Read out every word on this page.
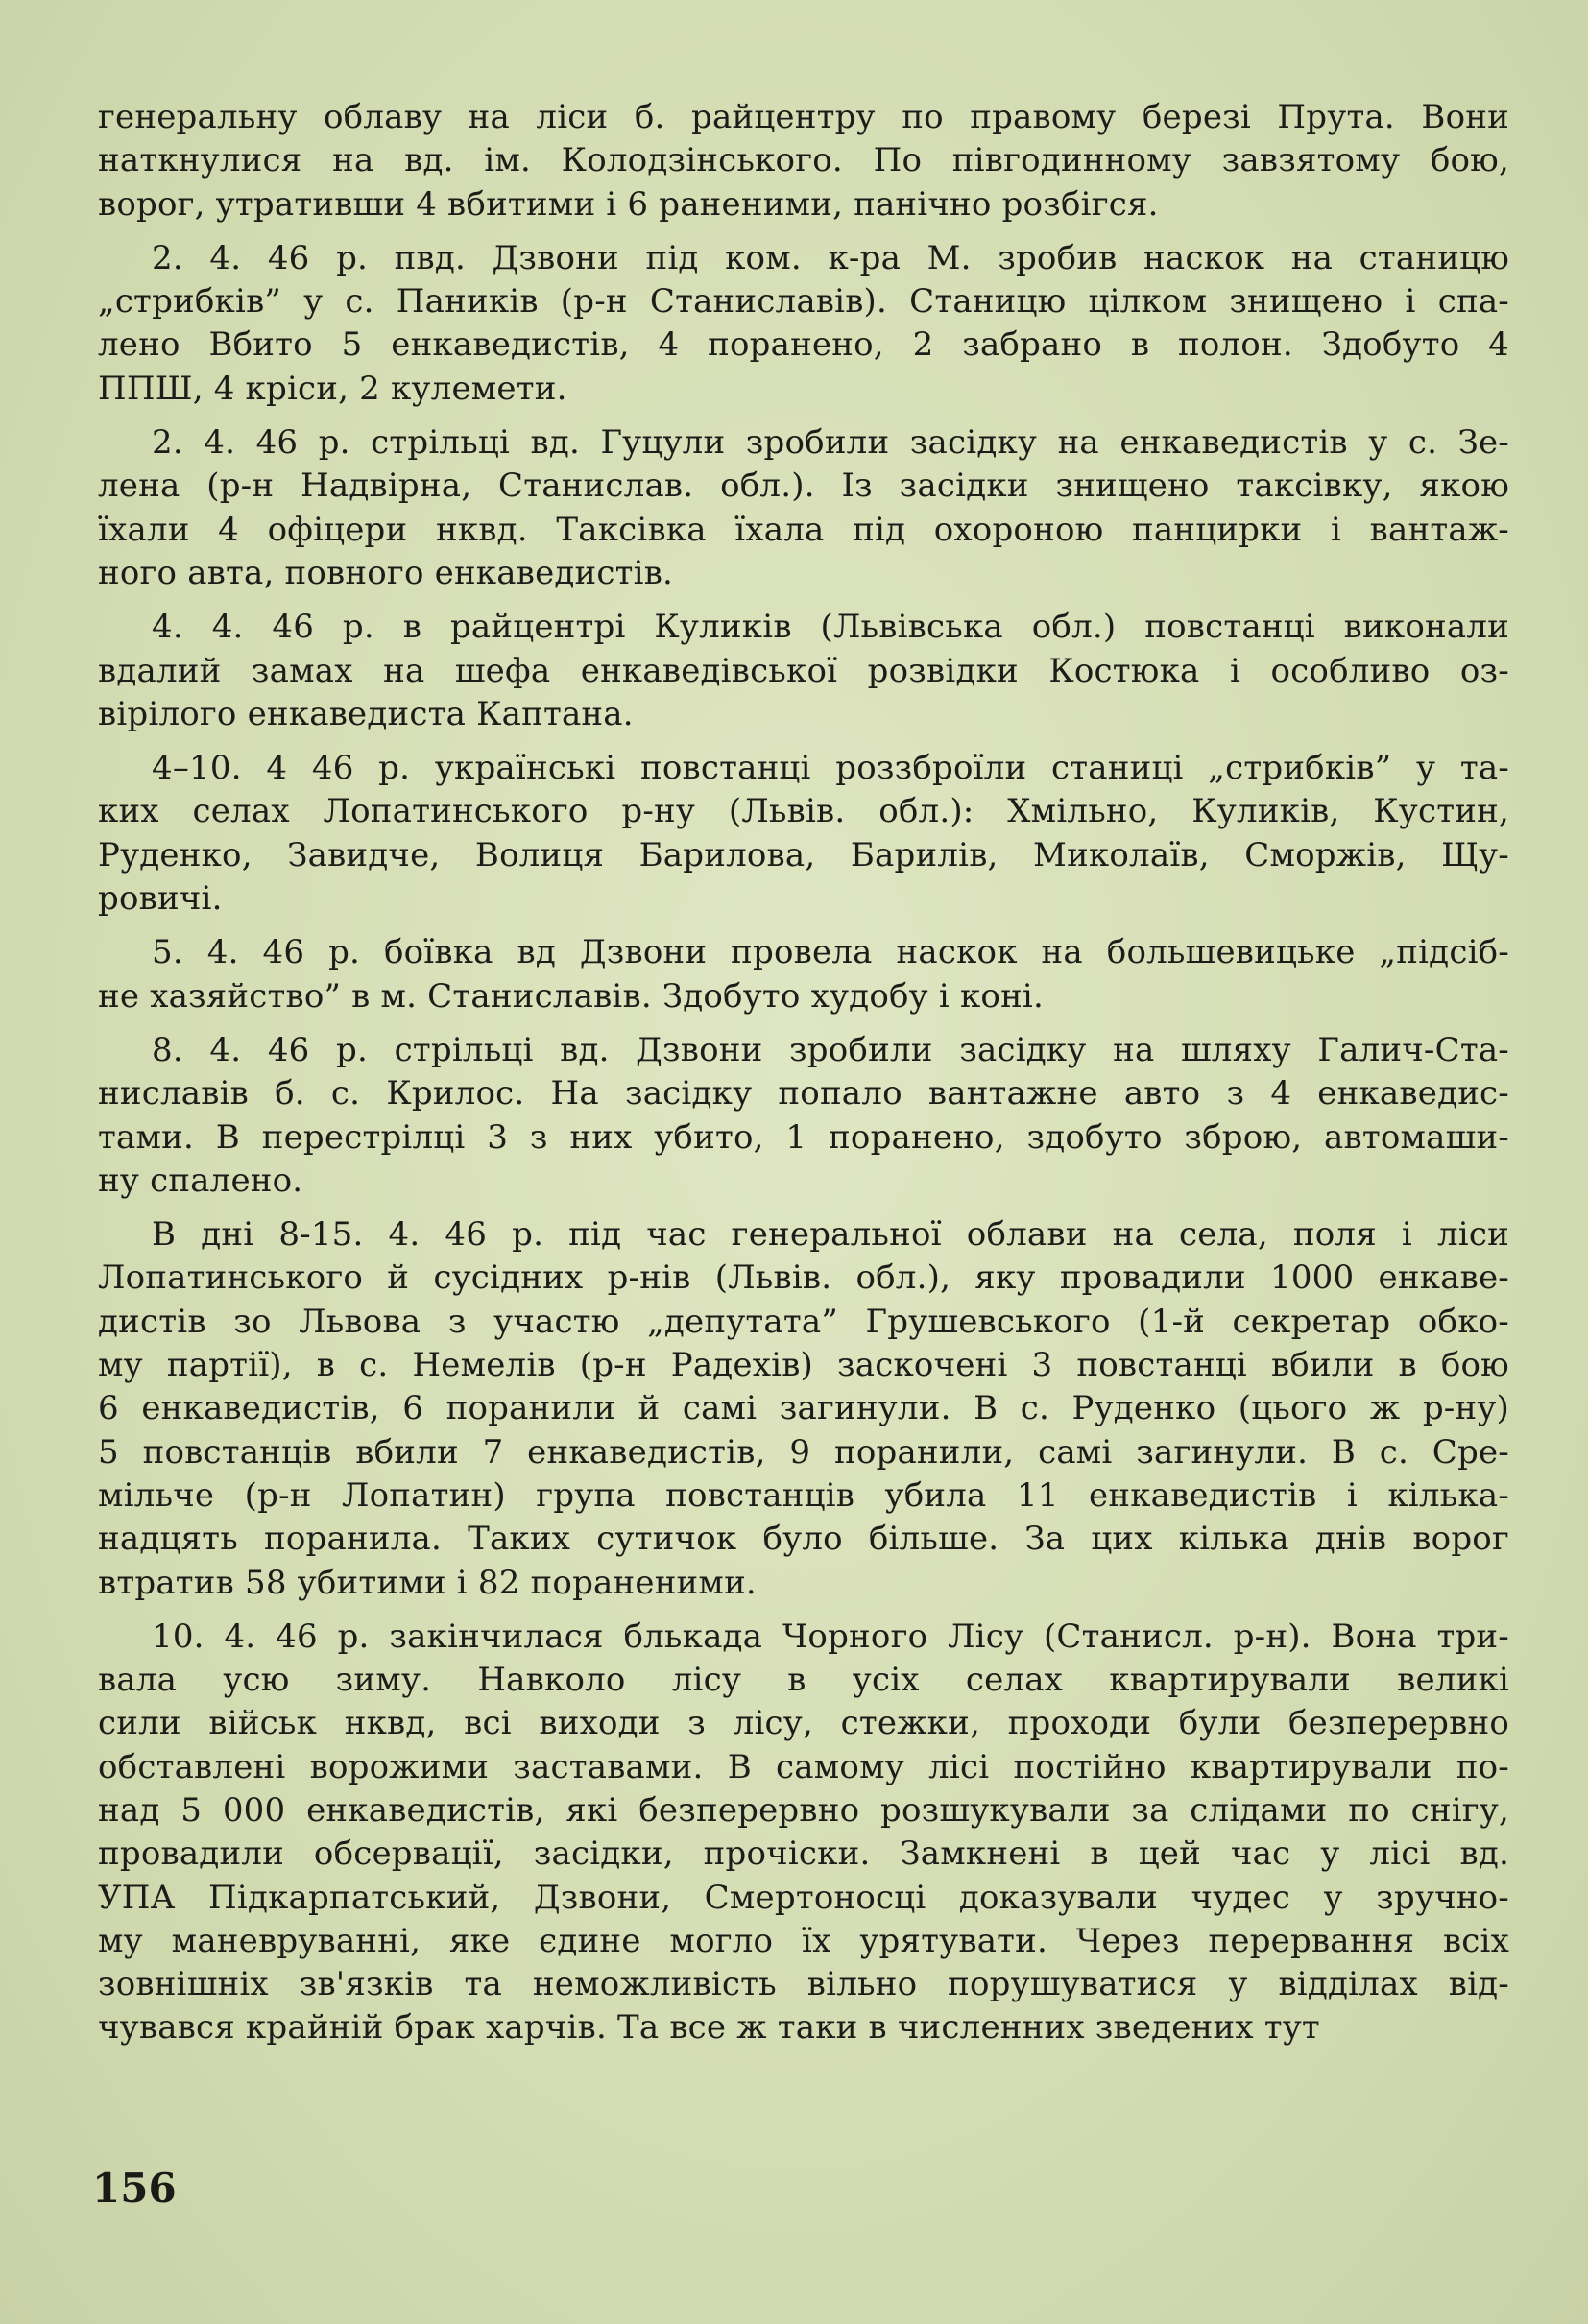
генеральну облаву на ліси б. райцентру по правому березі Прута. Вони
наткнулися на вд. ім. Колодзінського. По півгодинному завзятому бою,
ворог, утративши 4 вбитими і 6 раненими, панічно розбігся.
2. 4. 46 р. пвд. Дзвони під ком. к-ра М. зробив наскок на станицю
„стрибків” у с. Паників (р-н Станиславів). Станицю цілком знищено і спа-
лено Вбито 5 енкаведистів, 4 поранено, 2 забрано в полон. Здобуто 4
ППШ, 4 кріси, 2 кулемети.
2. 4. 46 р. стрільці вд. Гуцули зробили засідку на енкаведистів у с. Зе-
лена (р-н Надвірна, Станислав. обл.). Із засідки знищено таксівку, якою
їхали 4 офіцери нквд. Таксівка їхала під охороною панцирки і вантаж-
ного авта, повного енкаведистів.
4. 4. 46 р. в райцентрі Куликів (Львівська обл.) повстанці виконали
вдалий замах на шефа енкаведівської розвідки Костюка і особливо оз-
вірілого енкаведиста Каптана.
4–10. 4 46 р. українські повстанці роззброїли станиці „стрибків” у та-
ких селах Лопатинського р-ну (Львів. обл.): Хмільно, Куликів, Кустин,
Руденко, Завидче, Волиця Барилова, Барилів, Миколаїв, Сморжів, Щу-
ровичі.
5. 4. 46 р. боївка вд Дзвони провела наскок на большевицьке „підсіб-
не хазяйство” в м. Станиславів. Здобуто худобу і коні.
8. 4. 46 р. стрільці вд. Дзвони зробили засідку на шляху Галич-Ста-
ниславів б. с. Крилос. На засідку попало вантажне авто з 4 енкаведис-
тами. В перестрілці 3 з них убито, 1 поранено, здобуто зброю, автомаши-
ну спалено.
В дні 8-15. 4. 46 р. під час генеральної облави на села, поля і ліси
Лопатинського й сусідних р-нів (Львів. обл.), яку провадили 1000 енкаве-
дистів зо Львова з участю „депутата” Грушевського (1-й секретар обко-
му партії), в с. Немелів (р-н Радехів) заскочені 3 повстанці вбили в бою
6 енкаведистів, 6 поранили й самі загинули. В с. Руденко (цього ж р-ну)
5 повстанців вбили 7 енкаведистів, 9 поранили, самі загинули. В с. Сре-
мільче (р-н Лопатин) група повстанців убила 11 енкаведистів і кілька-
надцять поранила. Таких сутичок було більше. За цих кілька днів ворог
втратив 58 убитими і 82 пораненими.
10. 4. 46 р. закінчилася блькада Чорного Лісу (Станисл. р-н). Вона три-
вала усю зиму. Навколо лісу в усіх селах квартирували великі
сили військ нквд, всі виходи з лісу, стежки, проходи були безперервно
обставлені ворожими заставами. В самому лісі постійно квартирували по-
над 5 000 енкаведистів, які безперервно розшукували за слідами по снігу,
провадили обсервації, засідки, прочіски. Замкнені в цей час у лісі вд.
УПА Підкарпатський, Дзвони, Смертоносці доказували чудес у зручно-
му маневруванні, яке єдине могло їх урятувати. Через перервання всіх
зовнішніх зв'язків та неможливість вільно порушуватися у відділах від-
чувався крайній брак харчів. Та все ж таки в численних зведених тут
156
